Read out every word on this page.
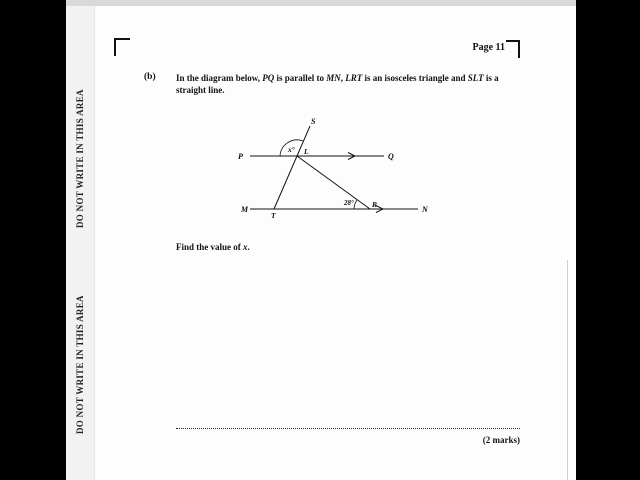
DO NOT WRITE IN THIS AREA
DO NOT WRITE IN THIS AREA
Page 11
(b) In the diagram below, PQ is parallel to MN, LRT is an isosceles triangle and SLT is a straight line.
P	Q
M	N
S
L
T
R
x°
28°
Find the value of x.
(2 marks)
